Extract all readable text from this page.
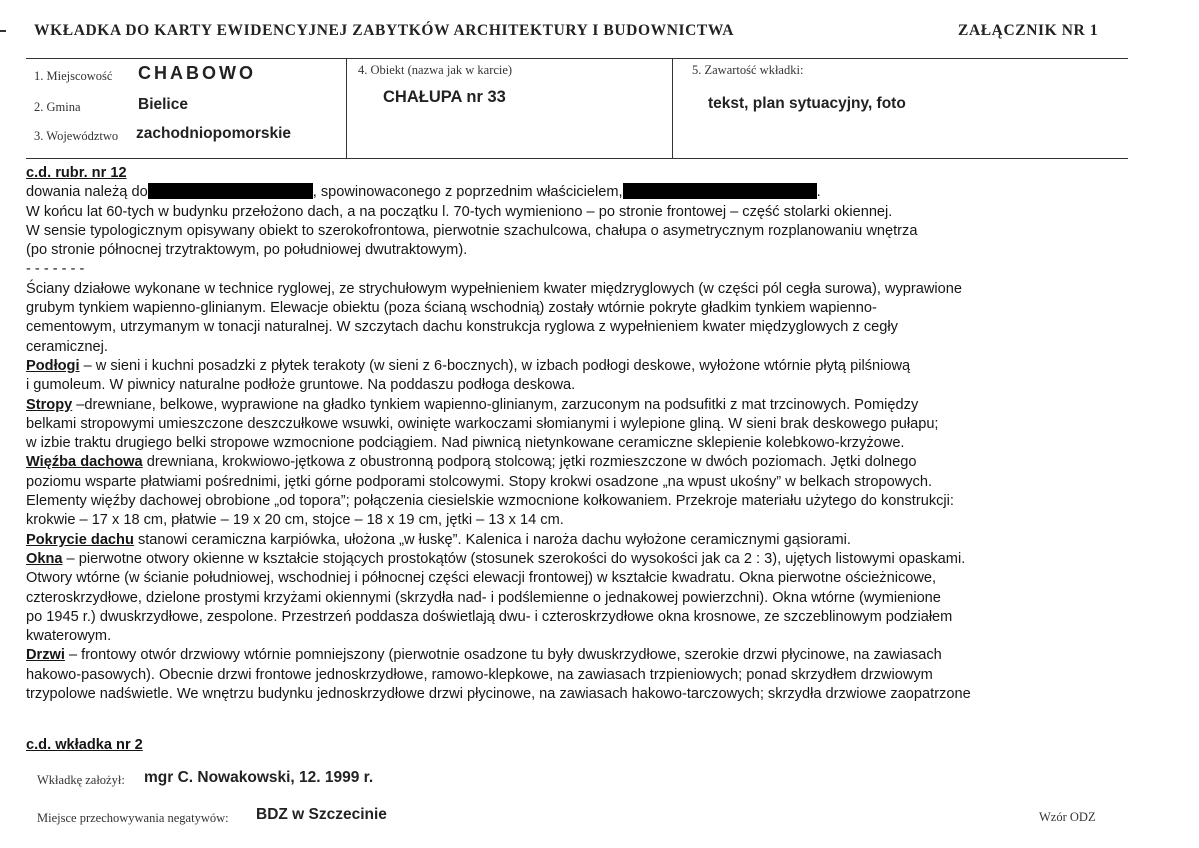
WKŁADKA DO KARTY EWIDENCYJNEJ ZABYTKÓW ARCHITEKTURY I BUDOWNICTWA	ZAŁĄCZNIK NR 1
1. Miejscowość CHABOWO
2. Gmina	Bielice
3. Województwo zachodniopomorskie
4. Obiekt (nazwa jak w karcie)
CHAŁUPA nr 33
5. Zawartość wkładki:
tekst, plan sytuacyjny, foto
c.d. rubr. nr 12
dowania należą do	, spowinowaconego z poprzednim właścicielem,	.
W końcu lat 60-tych w budynku przełożono dach, a na początku l. 70-tych wymieniono – po stronie frontowej – część stolarki okiennej.
W sensie typologicznym opisywany obiekt to szerokofrontowa, pierwotnie szachulcowa, chałupa o asymetrycznym rozplanowaniu wnętrza
(po stronie północnej trzytraktowym, po południowej dwutraktowym).
- - - - - - -
Ściany działowe wykonane w technice ryglowej, ze strychułowym wypełnieniem kwater międzryglowych (w części pól cegła surowa), wyprawione
grubym tynkiem wapienno-glinianym. Elewacje obiektu (poza ścianą wschodnią) zostały wtórnie pokryte gładkim tynkiem wapienno-
cementowym, utrzymanym w tonacji naturalnej. W szczytach dachu konstrukcja ryglowa z wypełnieniem kwater międzyglowych z cegły
ceramicznej.
Podłogi – w sieni i kuchni posadzki z płytek terakoty (w sieni z 6-bocznych), w izbach podłogi deskowe, wyłożone wtórnie płytą pilśniową
i gumoleum. W piwnicy naturalne podłoże gruntowe. Na poddaszu podłoga deskowa.
Stropy –drewniane, belkowe, wyprawione na gładko tynkiem wapienno-glinianym, zarzuconym na podsufitki z mat trzcinowych. Pomiędzy
belkami stropowymi umieszczone deszczułkowe wsuwki, owinięte warkoczami słomianymi i wylepione gliną. W sieni brak deskowego pułapu;
w izbie traktu drugiego belki stropowe wzmocnione podciągiem. Nad piwnicą nietynkowane ceramiczne sklepienie kolebkowo-krzyżowe.
Więźba dachowa drewniana, krokwiowo-jętkowa z obustronną podporą stolcową; jętki rozmieszczone w dwóch poziomach. Jętki dolnego
poziomu wsparte płatwiami pośrednimi, jętki górne podporami stolcowymi. Stopy krokwi osadzone „na wpust ukośny” w belkach stropowych.
Elementy więźby dachowej obrobione „od topora”; połączenia ciesielskie wzmocnione kołkowaniem. Przekroje materiału użytego do konstrukcji:
krokwie – 17 x 18 cm, płatwie – 19 x 20 cm, stojce – 18 x 19 cm, jętki – 13 x 14 cm.
Pokrycie dachu stanowi ceramiczna karpiówka, ułożona „w łuskę”. Kalenica i naroża dachu wyłożone ceramicznymi gąsiorami.
Okna – pierwotne otwory okienne w kształcie stojących prostokątów (stosunek szerokości do wysokości jak ca 2 : 3), ujętych listowymi opaskami.
Otwory wtórne (w ścianie południowej, wschodniej i północnej części elewacji frontowej) w kształcie kwadratu. Okna pierwotne ościeżnicowe,
czteroskrzydłowe, dzielone prostymi krzyżami okiennymi (skrzydła nad- i podślemienne o jednakowej powierzchni). Okna wtórne (wymienione
po 1945 r.) dwuskrzydłowe, zespolone. Przestrzeń poddasza doświetlają dwu- i czteroskrzydłowe okna krosnowe, ze szczeblinowym podziałem
kwaterowym.
Drzwi – frontowy otwór drzwiowy wtórnie pomniejszony (pierwotnie osadzone tu były dwuskrzydłowe, szerokie drzwi płycinowe, na zawiasach
hakowo-pasowych). Obecnie drzwi frontowe jednoskrzydłowe, ramowo-klepkowe, na zawiasach trzpieniowych; ponad skrzydłem drzwiowym
trzypolowe nadświetle. We wnętrzu budynku jednoskrzydłowe drzwi płycinowe, na zawiasach hakowo-tarczowych; skrzydła drzwiowe zaopatrzone
c.d. wkładka nr 2
Wkładkę założył: mgr C. Nowakowski, 12. 1999 r.
Miejsce przechowywania negatywów: BDZ w Szczecinie	Wzór ODZ
